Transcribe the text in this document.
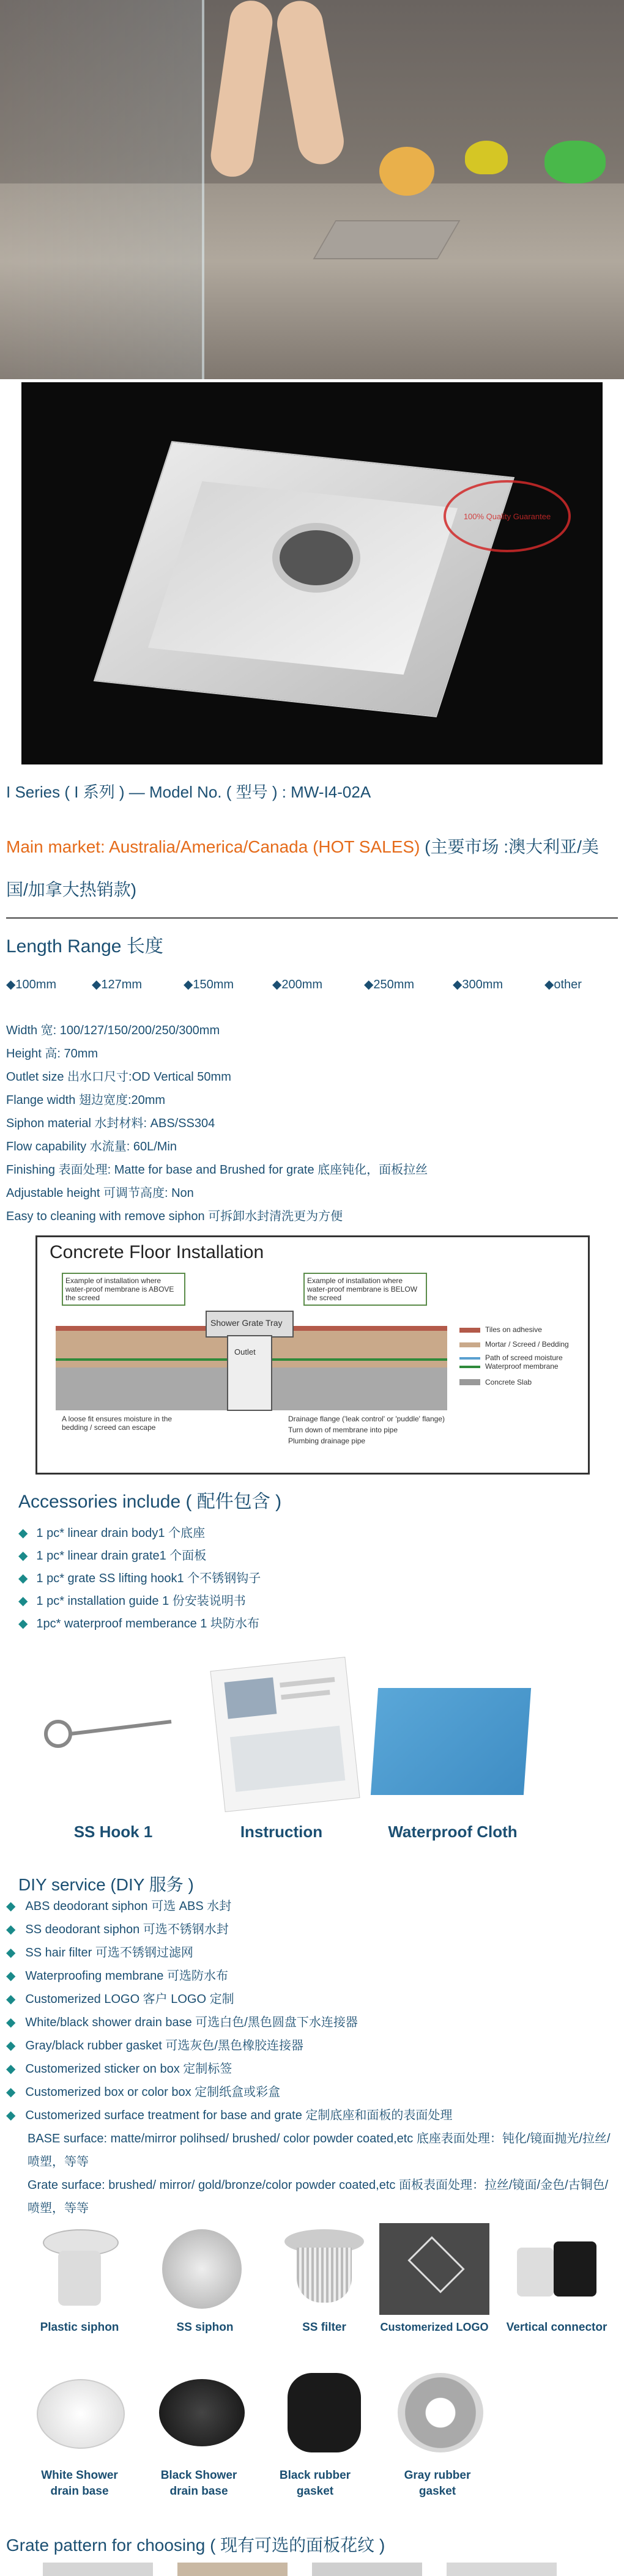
100% Quality Guarantee
I Series ( I 系列 ) — Model No. ( 型号 ) : MW-I4-02A
Main market: Australia/America/Canada (HOT SALES) (主要市场 :澳大利亚/美国/加拿大热销款)
Length Range 长度
◆100mm	◆127mm	◆150mm	◆200mm	◆250mm	◆300mm	◆other
Width 宽: 100/127/150/200/250/300mm
Height 高: 70mm
Outlet size 出水口尺寸:OD Vertical 50mm
Flange width 翅边宽度:20mm
Siphon material 水封材料: ABS/SS304
Flow capability 水流量: 60L/Min
Finishing 表面处理: Matte for base and Brushed for grate 底座钝化，面板拉丝
Adjustable height 可调节高度: Non
Easy to cleaning with remove siphon 可拆卸水封清洗更为方便
Concrete Floor Installation
Example of installation where water-proof membrane is ABOVE the screed
Example of installation where water-proof membrane is BELOW the screed
Shower Grate Tray
Outlet
Tiles on adhesive
Mortar / Screed / Bedding
Path of screed moisture
Waterproof membrane
Concrete Slab
A loose fit ensures moisture in the bedding / screed can escape
Drainage flange ('leak control' or 'puddle' flange)
Turn down of membrane into pipe
Plumbing drainage pipe
Accessories include ( 配件包含 )
◆ 1 pc* linear drain body1 个底座
◆ 1 pc* linear drain grate1 个面板
◆ 1 pc* grate SS lifting hook1 个不锈钢钩子
◆ 1 pc* installation guide 1 份安装说明书
◆ 1pc* waterproof memberance 1 块防水布
SS Hook 1	Instruction	Waterproof Cloth
DIY service (DIY 服务 )
◆ ABS deodorant siphon 可选 ABS 水封
◆ SS deodorant siphon 可选不锈钢水封
◆ SS hair filter 可选不锈钢过滤网
◆ Waterproofing membrane 可选防水布
◆ Customerized LOGO 客户 LOGO 定制
◆ White/black shower drain base 可选白色/黑色圆盘下水连接器
◆ Gray/black rubber gasket 可选灰色/黑色橡胶连接器
◆ Customerized sticker on box 定制标签
◆ Customerized box or color box 定制纸盒或彩盒
◆ Customerized surface treatment for base and grate 定制底座和面板的表面处理
BASE surface: matte/mirror polihsed/ brushed/ color powder coated,etc 底座表面处理：钝化/镜面抛光/拉丝/喷塑，等等
Grate surface: brushed/ mirror/ gold/bronze/color powder coated,etc 面板表面处理：拉丝/镜面/金色/古铜色/喷塑，等等
Plastic siphon	SS siphon	SS filter	Customerized LOGO	Vertical connector
White Shower
drain base
Black Shower
drain base
Black rubber
gasket
Gray rubber
gasket
Grate pattern for choosing ( 现有可选的面板花纹 )
